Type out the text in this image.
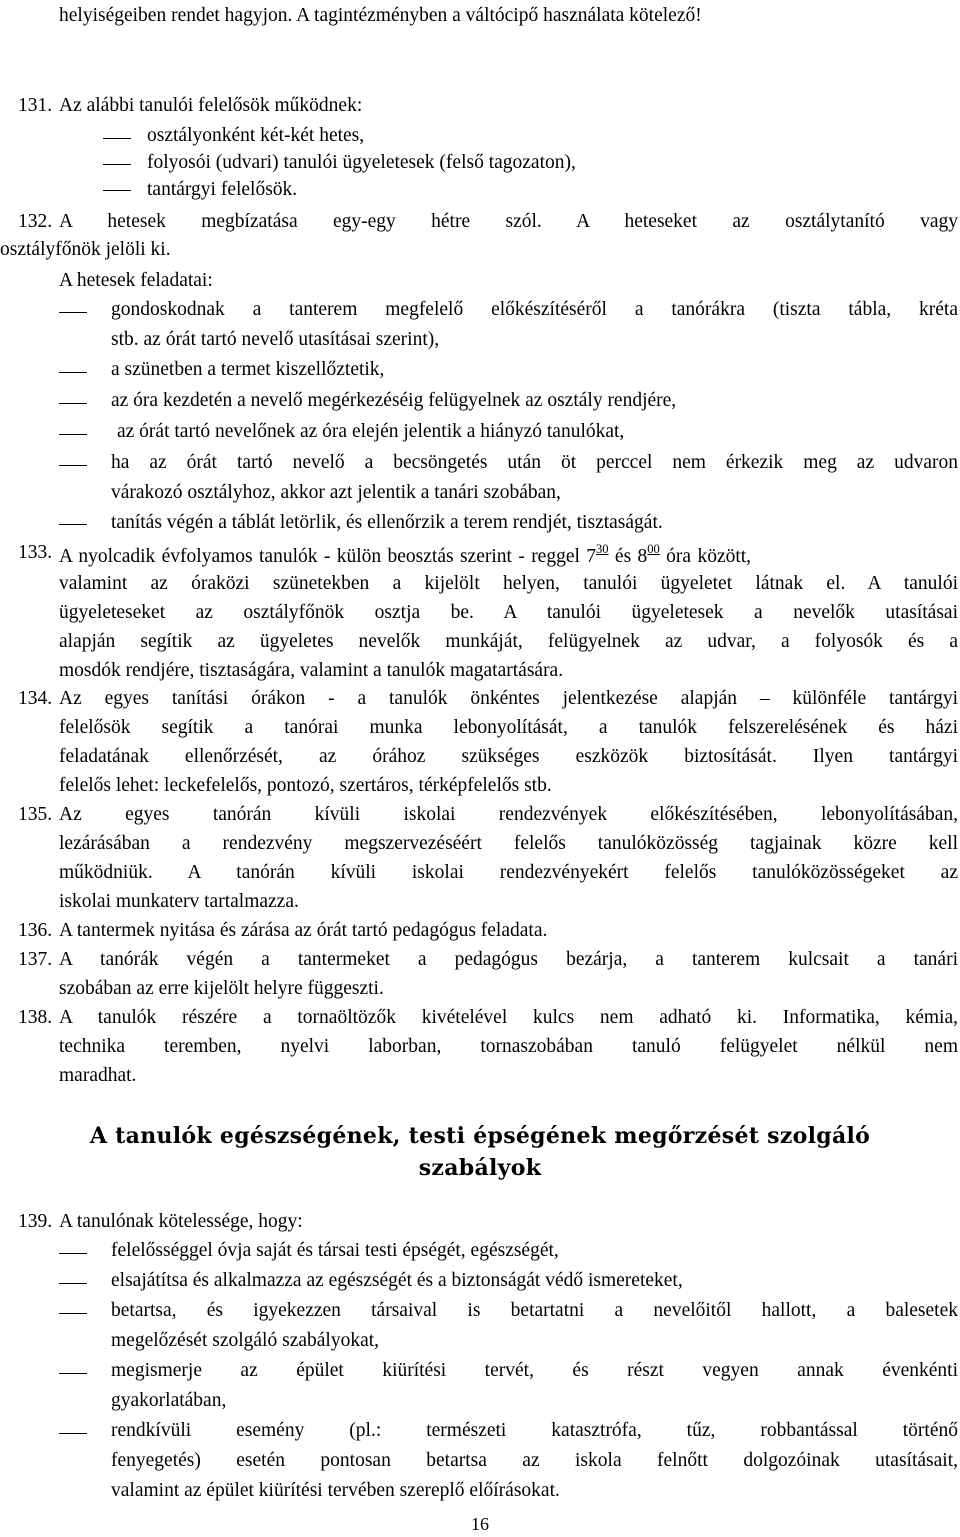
helyiségeiben rendet hagyjon. A tagintézményben a váltócipő használata kötelező!
131. Az alábbi tanulói felelősök működnek:
osztályonként két-két hetes,
folyosói (udvari) tanulói ügyeletesek (felső tagozaton),
tantárgyi felelősök.
132. A hetesek megbízatása egy-egy hétre szól. A heteseket az osztálytanító vagy
osztályfőnök jelöli ki.
A hetesek feladatai:
gondoskodnak a tanterem megfelelő előkészítéséről a tanórákra (tiszta tábla, kréta
stb. az órát tartó nevelő utasításai szerint),
a szünetben a termet kiszellőztetik,
az óra kezdetén a nevelő megérkezéséig felügyelnek az osztály rendjére,
az órát tartó nevelőnek az óra elején jelentik a hiányzó tanulókat,
ha az órát tartó nevelő a becsöngetés után öt perccel nem érkezik meg az udvaron
várakozó osztályhoz, akkor azt jelentik a tanári szobában,
tanítás végén a táblát letörlik, és ellenőrzik a terem rendjét, tisztaságát.
133. A nyolcadik évfolyamos tanulók - külön beosztás szerint - reggel $7^{30}$ és $8^{00}$ óra között,
valamint az óraközi szünetekben a kijelölt helyen, tanulói ügyeletet látnak el. A tanulói
ügyeleteseket az osztályfőnök osztja be. A tanulói ügyeletesek a nevelők utasításai
alapján segítik az ügyeletes nevelők munkáját, felügyelnek az udvar, a folyosók és a
mosdók rendjére, tisztaságára, valamint a tanulók magatartására.
134. Az egyes tanítási órákon - a tanulók önkéntes jelentkezése alapján – különféle tantárgyi
felelősök segítik a tanórai munka lebonyolítását, a tanulók felszerelésének és házi
feladatának ellenőrzését, az órához szükséges eszközök biztosítását. Ilyen tantárgyi
felelős lehet: leckefelelős, pontozó, szertáros, térképfelelős stb.
135. Az egyes tanórán kívüli iskolai rendezvények előkészítésében, lebonyolításában,
lezárásában a rendezvény megszervezéséért felelős tanulóközösség tagjainak közre kell
működniük. A tanórán kívüli iskolai rendezvényekért felelős tanulóközösségeket az
iskolai munkaterv tartalmazza.
136. A tantermek nyitása és zárása az órát tartó pedagógus feladata.
137. A tanórák végén a tantermeket a pedagógus bezárja, a tanterem kulcsait a tanári
szobában az erre kijelölt helyre függeszti.
138. A tanulók részére a tornaöltözők kivételével kulcs nem adható ki. Informatika, kémia,
technika teremben, nyelvi laborban, tornaszobában tanuló felügyelet nélkül nem
maradhat.
A tanulók egészségének, testi épségének megőrzését szolgáló
szabályok
139. A tanulónak kötelessége, hogy:
felelősséggel óvja saját és társai testi épségét, egészségét,
elsajátítsa és alkalmazza az egészségét és a biztonságát védő ismereteket,
betartsa, és igyekezzen társaival is betartatni a nevelőitől hallott, a balesetek
megelőzését szolgáló szabályokat,
megismerje az épület kiürítési tervét, és részt vegyen annak évenkénti
gyakorlatában,
rendkívüli esemény (pl.: természeti katasztrófa, tűz, robbantással történő
fenyegetés) esetén pontosan betartsa az iskola felnőtt dolgozóinak utasításait,
valamint az épület kiürítési tervében szereplő előírásokat.
16
